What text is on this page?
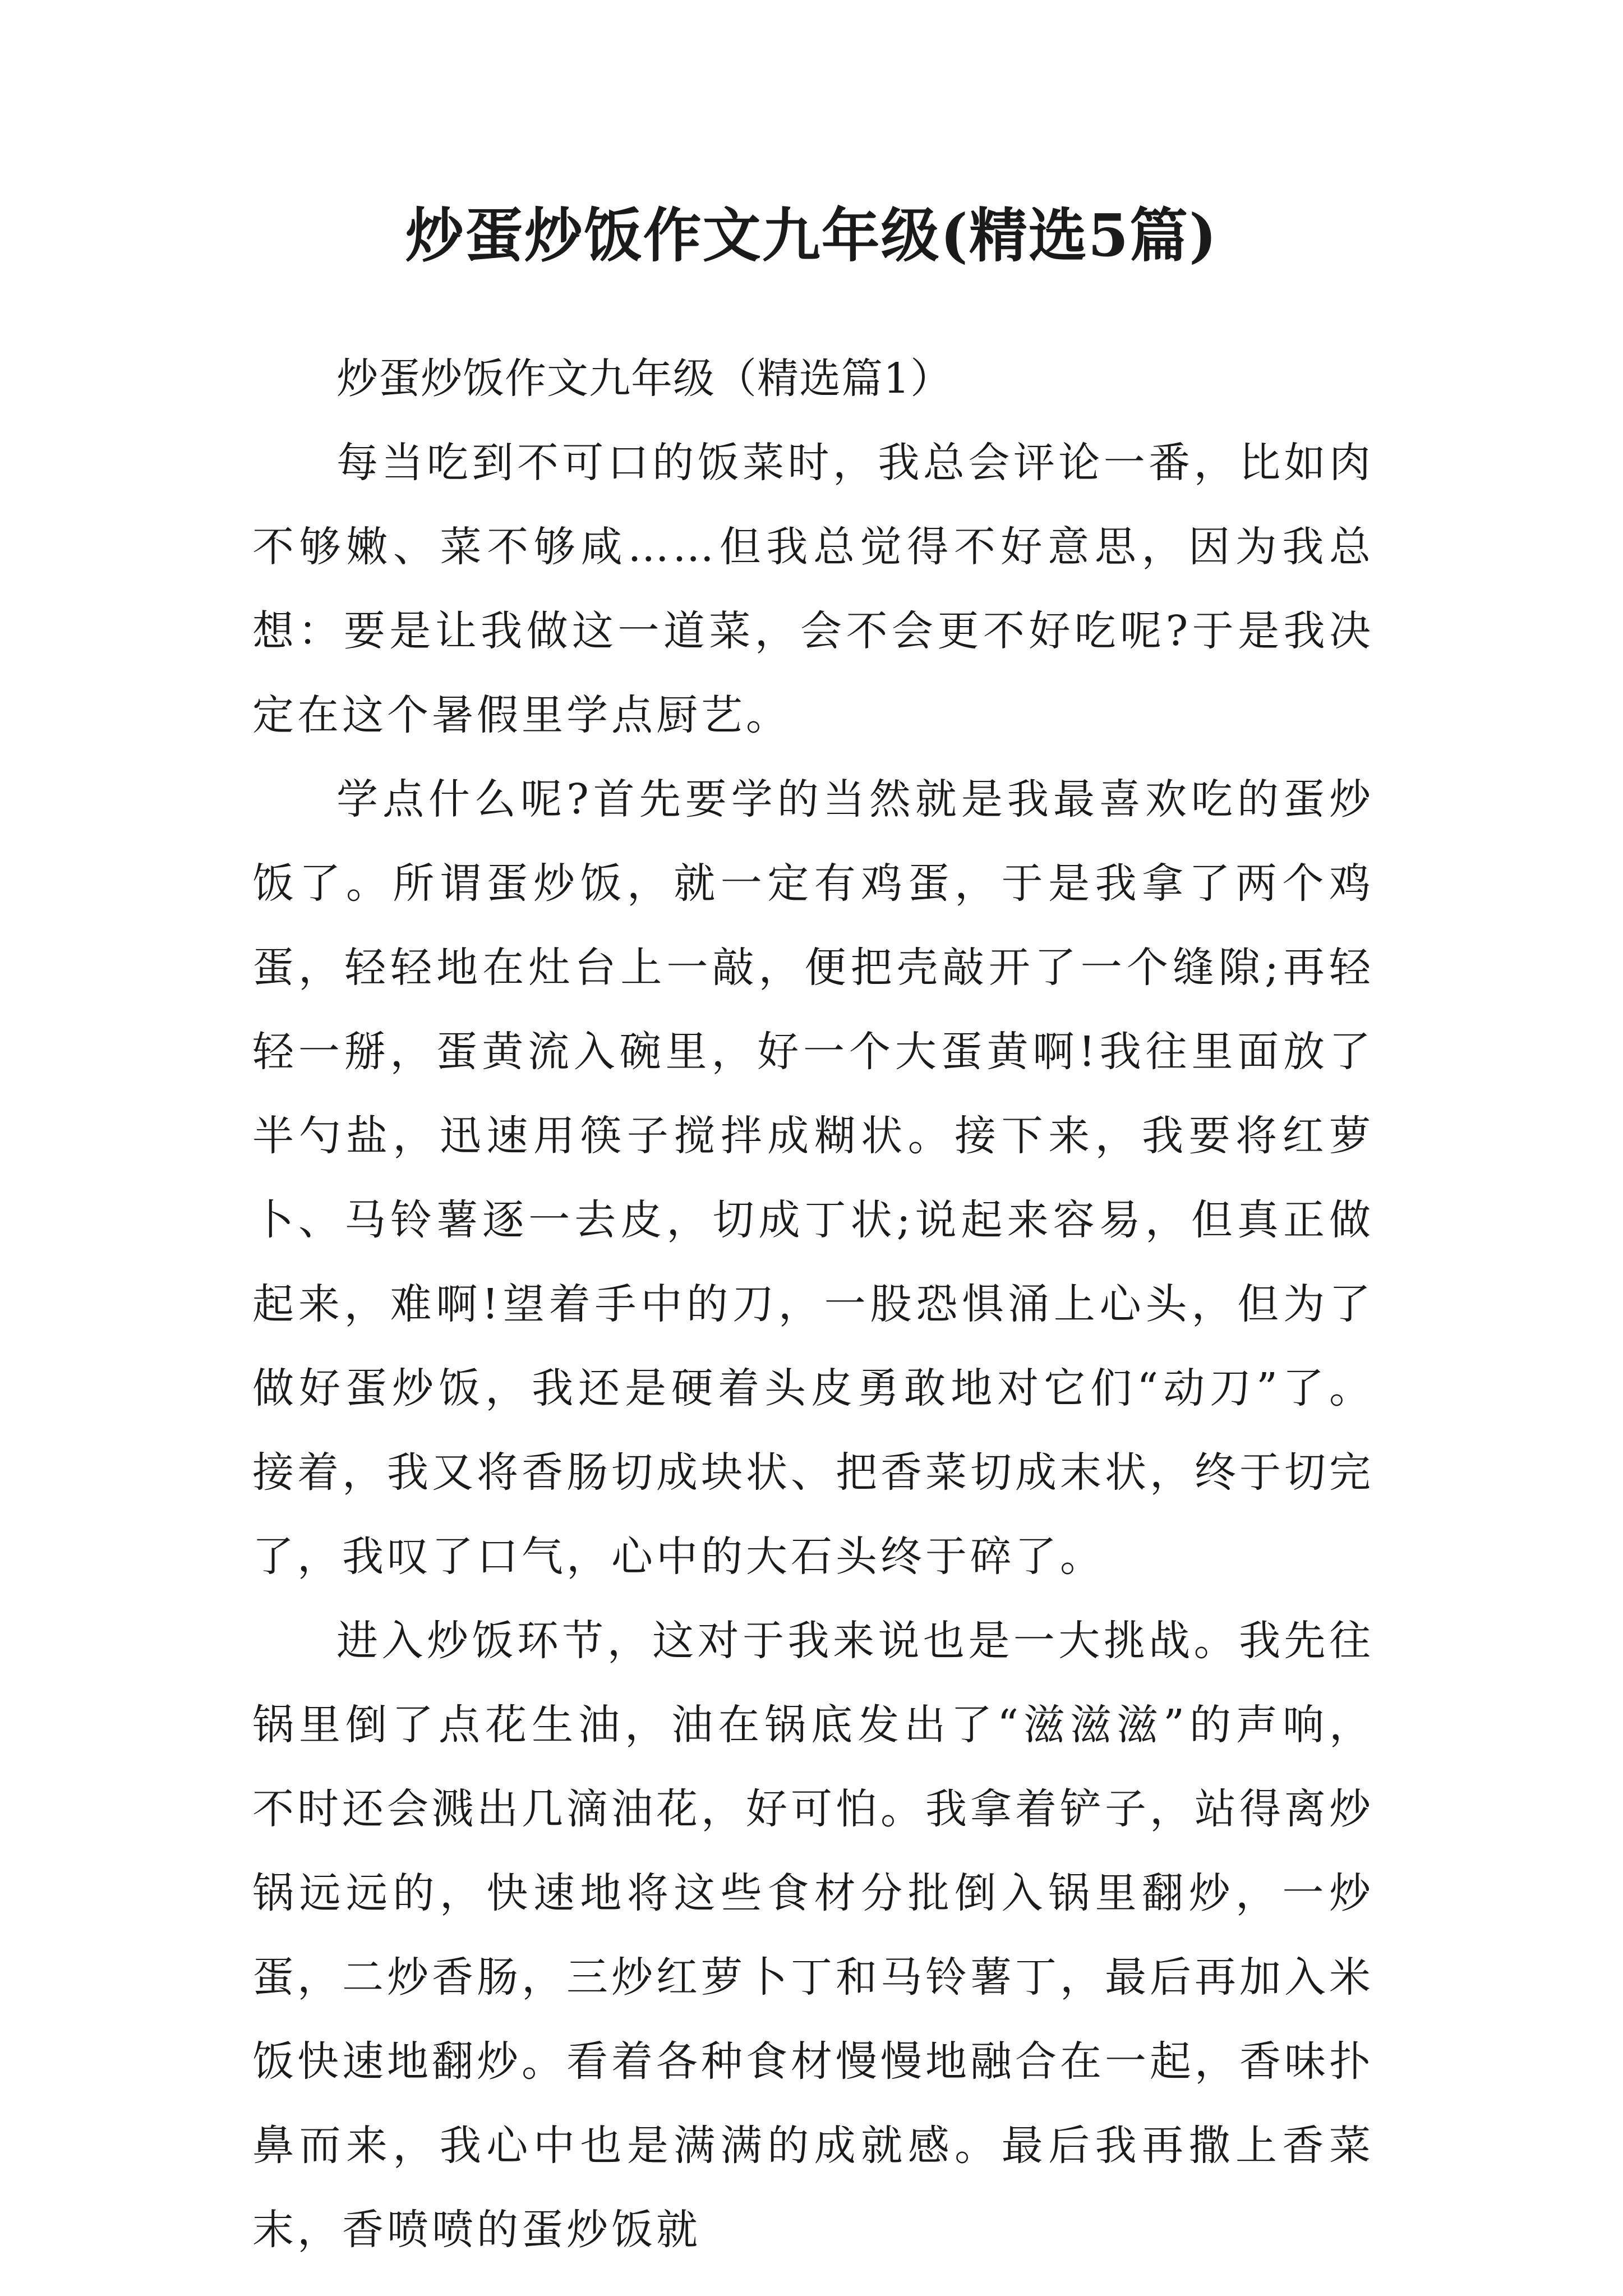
炒蛋炒饭作文九年级(精选5篇)

炒蛋炒饭作文九年级（精选篇1）

每当吃到不可口的饭菜时，我总会评论一番，比如肉不够嫩、菜不够咸……但我总觉得不好意思，因为我总想：要是让我做这一道菜，会不会更不好吃呢?于是我决定在这个暑假里学点厨艺。

学点什么呢?首先要学的当然就是我最喜欢吃的蛋炒饭了。所谓蛋炒饭，就一定有鸡蛋，于是我拿了两个鸡蛋，轻轻地在灶台上一敲，便把壳敲开了一个缝隙;再轻轻一掰，蛋黄流入碗里，好一个大蛋黄啊!我往里面放了半勺盐，迅速用筷子搅拌成糊状。接下来，我要将红萝卜、马铃薯逐一去皮，切成丁状;说起来容易，但真正做起来，难啊!望着手中的刀，一股恐惧涌上心头，但为了做好蛋炒饭，我还是硬着头皮勇敢地对它们“动刀”了。接着，我又将香肠切成块状、把香菜切成末状，终于切完了，我叹了口气，心中的大石头终于碎了。

进入炒饭环节，这对于我来说也是一大挑战。我先往锅里倒了点花生油，油在锅底发出了“滋滋滋”的声响，不时还会溅出几滴油花，好可怕。我拿着铲子，站得离炒锅远远的，快速地将这些食材分批倒入锅里翻炒，一炒蛋，二炒香肠，三炒红萝卜丁和马铃薯丁，最后再加入米饭快速地翻炒。看着各种食材慢慢地融合在一起，香味扑鼻而来，我心中也是满满的成就感。最后我再撒上香菜末，香喷喷的蛋炒饭就
